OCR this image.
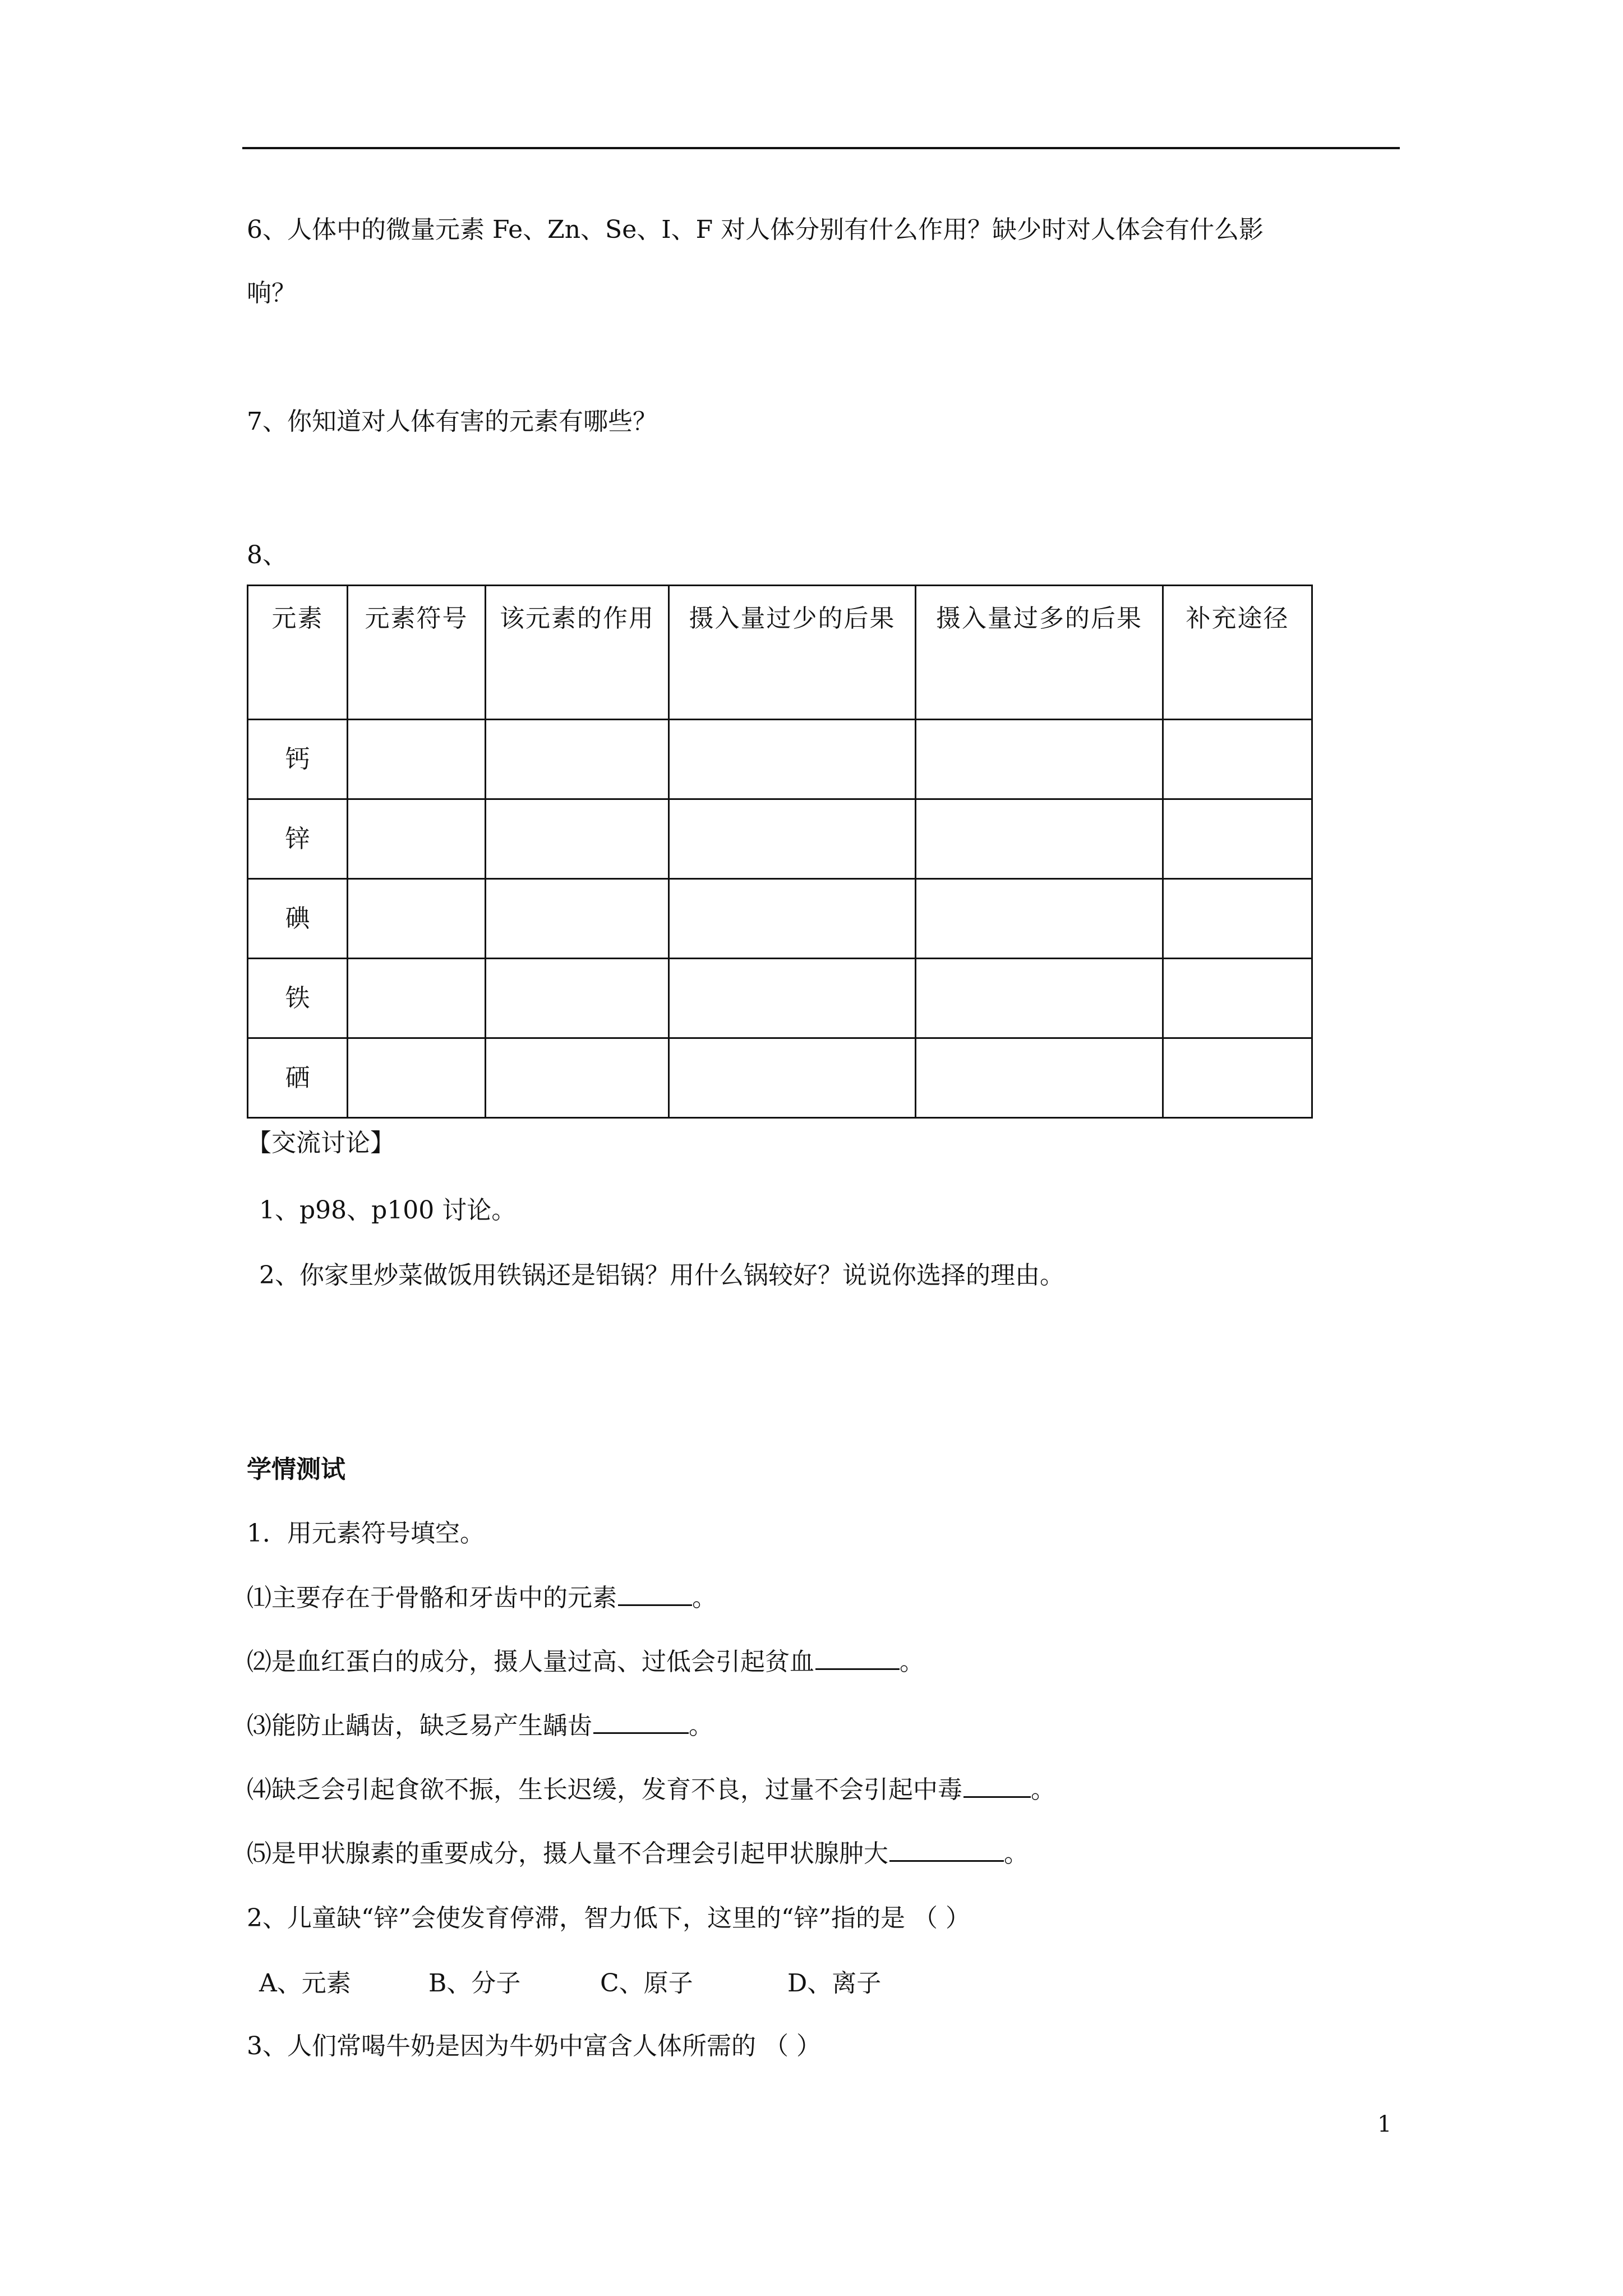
6、人体中的微量元素 Fe、Zn、Se、I、F 对人体分别有什么作用？缺少时对人体会有什么影
响？
7、你知道对人体有害的元素有哪些？
8、
元素	元素符号	该元素的作用	摄入量过少的后果	摄入量过多的后果	补充途径

钙					
锌					
碘					
铁					
硒					
【交流讨论】
1、p98、p100 讨论。
2、你家里炒菜做饭用铁锅还是铝锅？用什么锅较好？说说你选择的理由。
学情测试
1．用元素符号填空。
⑴主要存在于骨骼和牙齿中的元素	。
⑵是血红蛋白的成分，摄人量过高、过低会引起贫血	。
⑶能防止龋齿，缺乏易产生龋齿	。
⑷缺乏会引起食欲不振，生长迟缓，发育不良，过量不会引起中毒	。
⑸是甲状腺素的重要成分，摄人量不合理会引起甲状腺肿大	。
2、儿童缺“锌”会使发育停滞，智力低下，这里的“锌”指的是 （ ）
A、元素	B、分子	C、原子	D、离子
3、人们常喝牛奶是因为牛奶中富含人体所需的 （ ）
1
